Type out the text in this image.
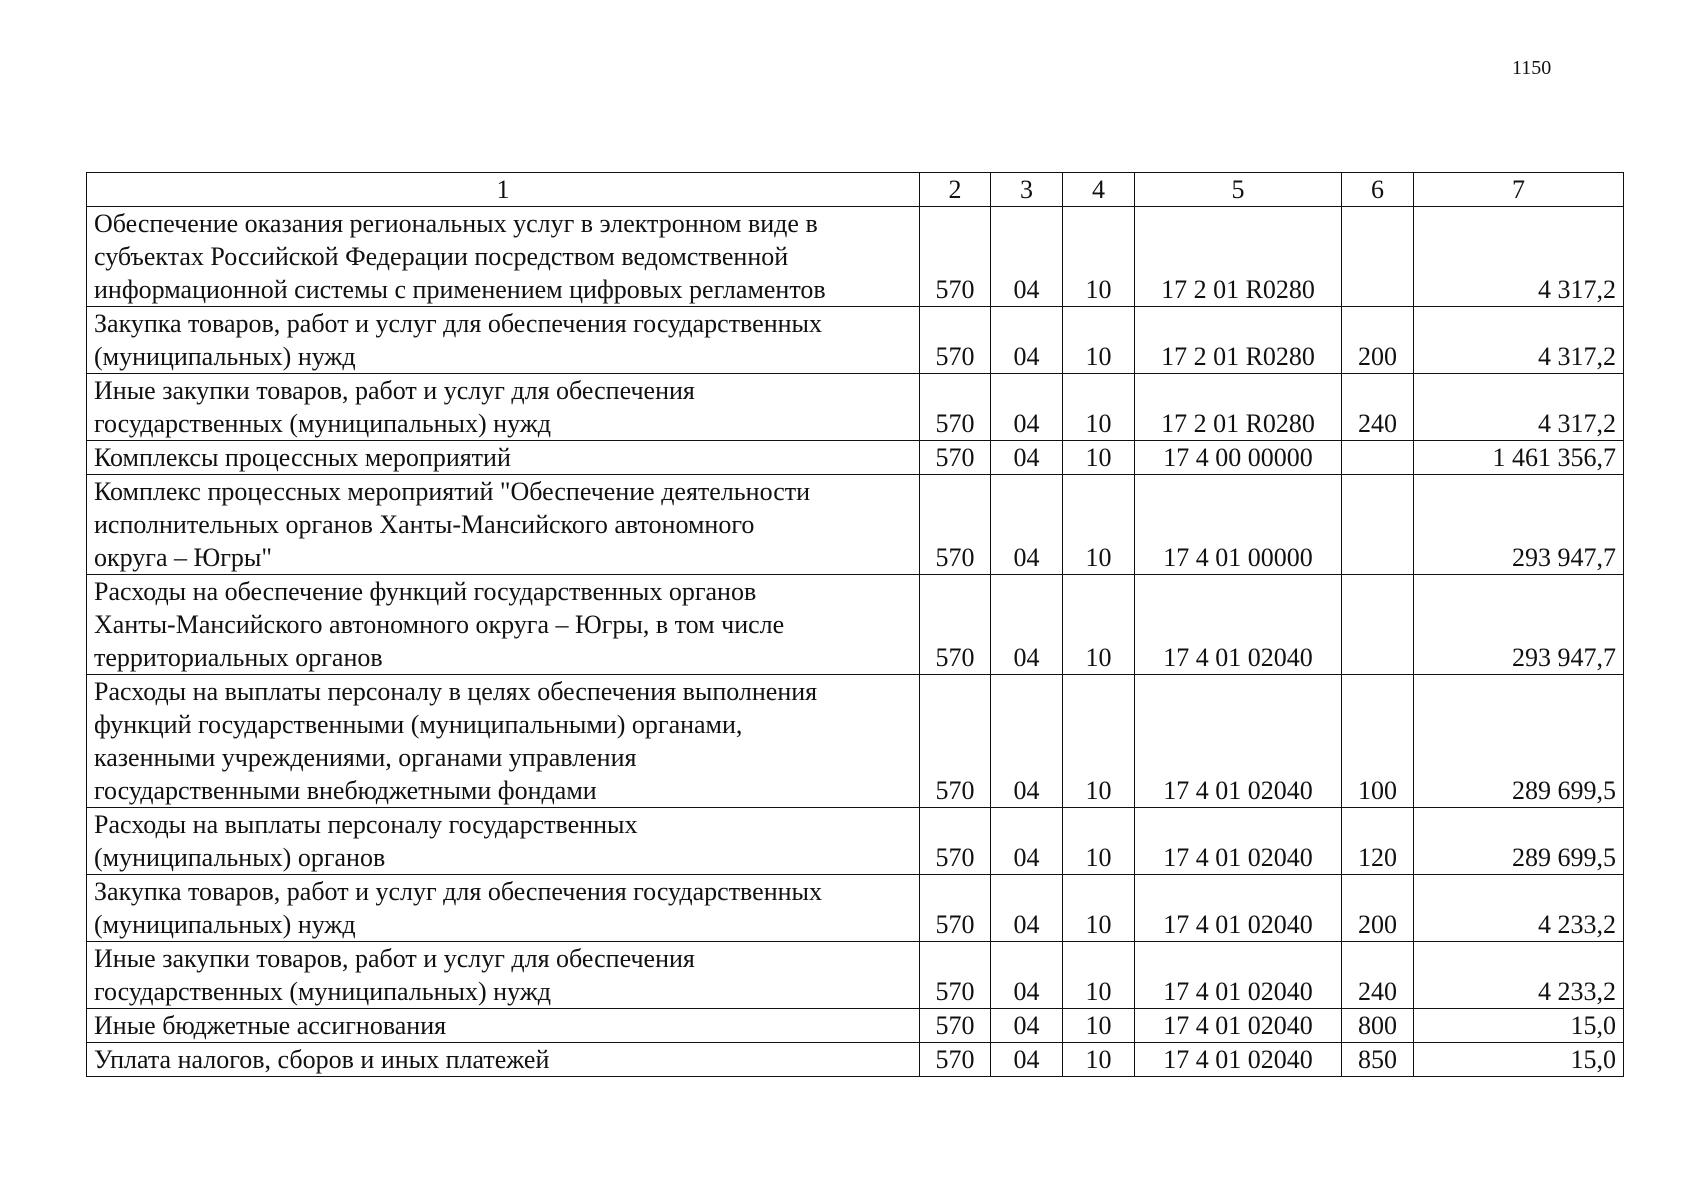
1150
1	2	3	4	5	6	7

Обеспечение оказания региональных услуг в электронном виде в
субъектах Российской Федерации посредством ведомственной
информационной системы с применением цифровых регламентов	570	04	10	17 2 01 R0280		4 317,2

Закупка товаров, работ и услуг для обеспечения государственных
(муниципальных) нужд	570	04	10	17 2 01 R0280	200	4 317,2

Иные закупки товаров, работ и услуг для обеспечения
государственных (муниципальных) нужд	570	04	10	17 2 01 R0280	240	4 317,2

Комплексы процессных мероприятий	570	04	10	17 4 00 00000		1 461 356,7

Комплекс процессных мероприятий "Обеспечение деятельности
исполнительных органов Ханты-Мансийского автономного
округа – Югры"	570	04	10	17 4 01 00000		293 947,7

Расходы на обеспечение функций государственных органов
Ханты-Мансийского автономного округа – Югры, в том числе
территориальных органов	570	04	10	17 4 01 02040		293 947,7

Расходы на выплаты персоналу в целях обеспечения выполнения
функций государственными (муниципальными) органами,
казенными учреждениями, органами управления
государственными внебюджетными фондами	570	04	10	17 4 01 02040	100	289 699,5

Расходы на выплаты персоналу государственных
(муниципальных) органов	570	04	10	17 4 01 02040	120	289 699,5

Закупка товаров, работ и услуг для обеспечения государственных
(муниципальных) нужд	570	04	10	17 4 01 02040	200	4 233,2

Иные закупки товаров, работ и услуг для обеспечения
государственных (муниципальных) нужд	570	04	10	17 4 01 02040	240	4 233,2

Иные бюджетные ассигнования	570	04	10	17 4 01 02040	800	15,0

Уплата налогов, сборов и иных платежей	570	04	10	17 4 01 02040	850	15,0
